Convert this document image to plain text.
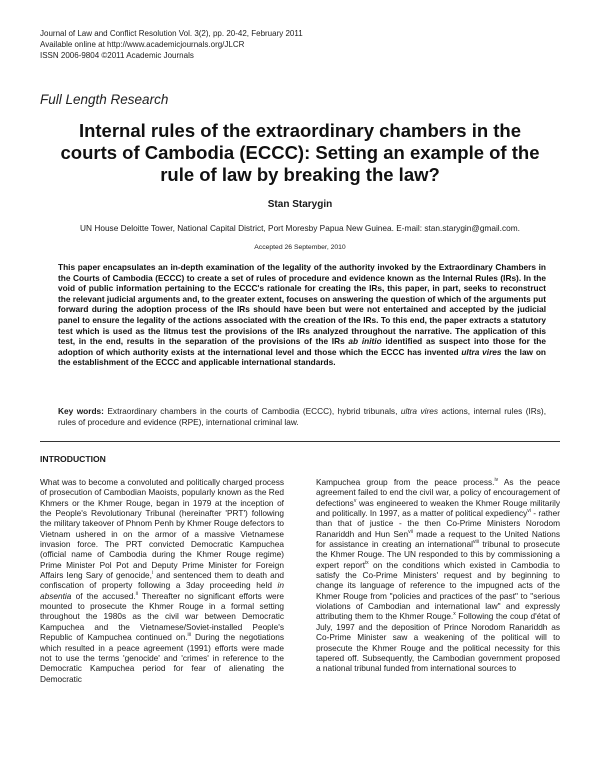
Journal of Law and Conflict Resolution Vol. 3(2), pp. 20-42, February 2011
Available online at http://www.academicjournals.org/JLCR
ISSN 2006-9804 ©2011 Academic Journals
Full Length Research
Internal rules of the extraordinary chambers in the courts of Cambodia (ECCC): Setting an example of the rule of law by breaking the law?
Stan Starygin
UN House Deloitte Tower, National Capital District, Port Moresby Papua New Guinea. E-mail: stan.starygin@gmail.com.
Accepted 26 September, 2010
This paper encapsulates an in-depth examination of the legality of the authority invoked by the Extraordinary Chambers in the Courts of Cambodia (ECCC) to create a set of rules of procedure and evidence known as the Internal Rules (IRs). In the void of public information pertaining to the ECCC's rationale for creating the IRs, this paper, in part, seeks to reconstruct the relevant judicial arguments and, to the greater extent, focuses on answering the question of which of the arguments put forward during the adoption process of the IRs should have been but were not entertained and accepted by the judicial panel to ensure the legality of the actions associated with the creation of the IRs. To this end, the paper extracts a statutory test which is used as the litmus test the provisions of the IRs analyzed throughout the narrative. The application of this test, in the end, results in the separation of the provisions of the IRs ab initio identified as suspect into those for the adoption of which authority exists at the international level and those which the ECCC has invented ultra vires the law on the establishment of the ECCC and applicable international standards.
Key words: Extraordinary chambers in the courts of Cambodia (ECCC), hybrid tribunals, ultra vires actions, internal rules (IRs), rules of procedure and evidence (RPE), international criminal law.
INTRODUCTION

What was to become a convoluted and politically charged process of prosecution of Cambodian Maoists, popularly known as the Red Khmers or the Khmer Rouge, began in 1979 at the inception of the People's Revolutionary Tribunal (hereinafter 'PRT') following the military takeover of Phnom Penh by Khmer Rouge defectors to Vietnam ushered in on the armor of a massive Vietnamese invasion force. The PRT convicted Democratic Kampuchea (official name of Cambodia during the Khmer Rouge regime) Prime Minister Pol Pot and Deputy Prime Minister for Foreign Affairs Ieng Sary of genocide,$^i$ and sentenced them to death and confiscation of property following a 3day proceeding held in absentia of the accused.$^{ii}$ Thereafter no significant efforts were mounted to prosecute the Khmer Rouge in a formal setting throughout the 1980s as the civil war between Democratic Kampuchea and the Vietnamese/Soviet-installed People's Republic of Kampuchea continued on.$^{iii}$ During the negotiations which resulted in a peace agreement (1991) efforts were made not to use the terms 'genocide' and 'crimes' in reference to the Democratic Kampuchea period for fear of alienating the Democratic

Kampuchea group from the peace process.$^{iv}$ As the peace agreement failed to end the civil war, a policy of encouragement of defections$^v$ was engineered to weaken the Khmer Rouge militarily and politically. In 1997, as a matter of political expediency$^{vi}$ - rather than that of justice - the then Co-Prime Ministers Norodom Ranariddh and Hun Sen$^{vii}$ made a request to the United Nations for assistance in creating an international$^{viii}$ tribunal to prosecute the Khmer Rouge. The UN responded to this by commissioning a expert report$^{ix}$ on the conditions which existed in Cambodia to satisfy the Co-Prime Ministers' request and by beginning to change its language of reference to the impugned acts of the Khmer Rouge from "policies and practices of the past" to "serious violations of Cambodian and international law" and expressly attributing them to the Khmer Rouge.$^x$ Following the coup d'état of July, 1997 and the deposition of Prince Norodom Ranariddh as Co-Prime Minister saw a weakening of the political will to prosecute the Khmer Rouge and the political necessity for this tapered off. Subsequently, the Cambodian government proposed a national tribunal funded from international sources to
